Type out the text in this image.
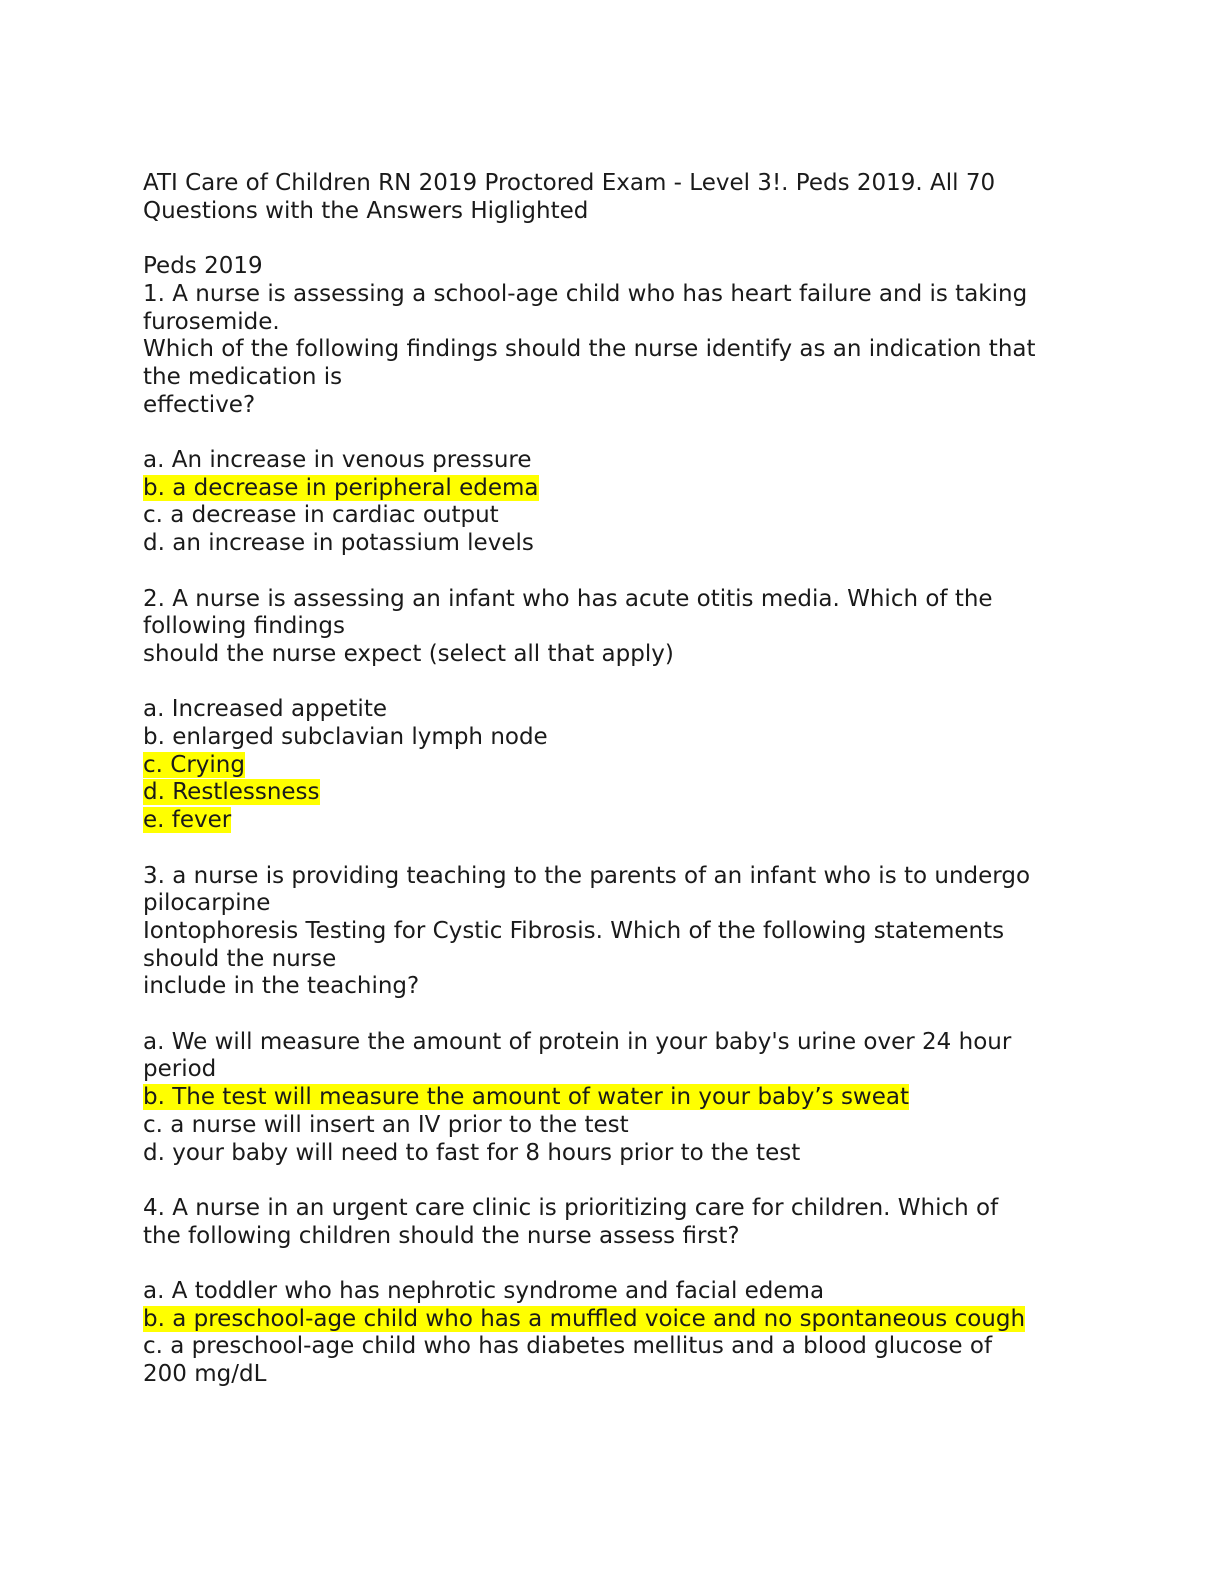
ATI Care of Children RN 2019 Proctored Exam - Level 3!. Peds 2019. All 70
Questions with the Answers Higlighted
Peds 2019
1. A nurse is assessing a school-age child who has heart failure and is taking
furosemide.
Which of the following findings should the nurse identify as an indication that
the medication is
effective?
a. An increase in venous pressure
b. a decrease in peripheral edema
c. a decrease in cardiac output
d. an increase in potassium levels
2. A nurse is assessing an infant who has acute otitis media. Which of the
following findings
should the nurse expect (select all that apply)
a. Increased appetite
b. enlarged subclavian lymph node
c. Crying
d. Restlessness
e. fever
3. a nurse is providing teaching to the parents of an infant who is to undergo
pilocarpine
Iontophoresis Testing for Cystic Fibrosis. Which of the following statements
should the nurse
include in the teaching?
a. We will measure the amount of protein in your baby's urine over 24 hour
period
b. The test will measure the amount of water in your baby’s sweat
c. a nurse will insert an IV prior to the test
d. your baby will need to fast for 8 hours prior to the test
4. A nurse in an urgent care clinic is prioritizing care for children. Which of
the following children should the nurse assess first?
a. A toddler who has nephrotic syndrome and facial edema
b. a preschool-age child who has a muffled voice and no spontaneous cough
c. a preschool-age child who has diabetes mellitus and a blood glucose of
200 mg/dL
